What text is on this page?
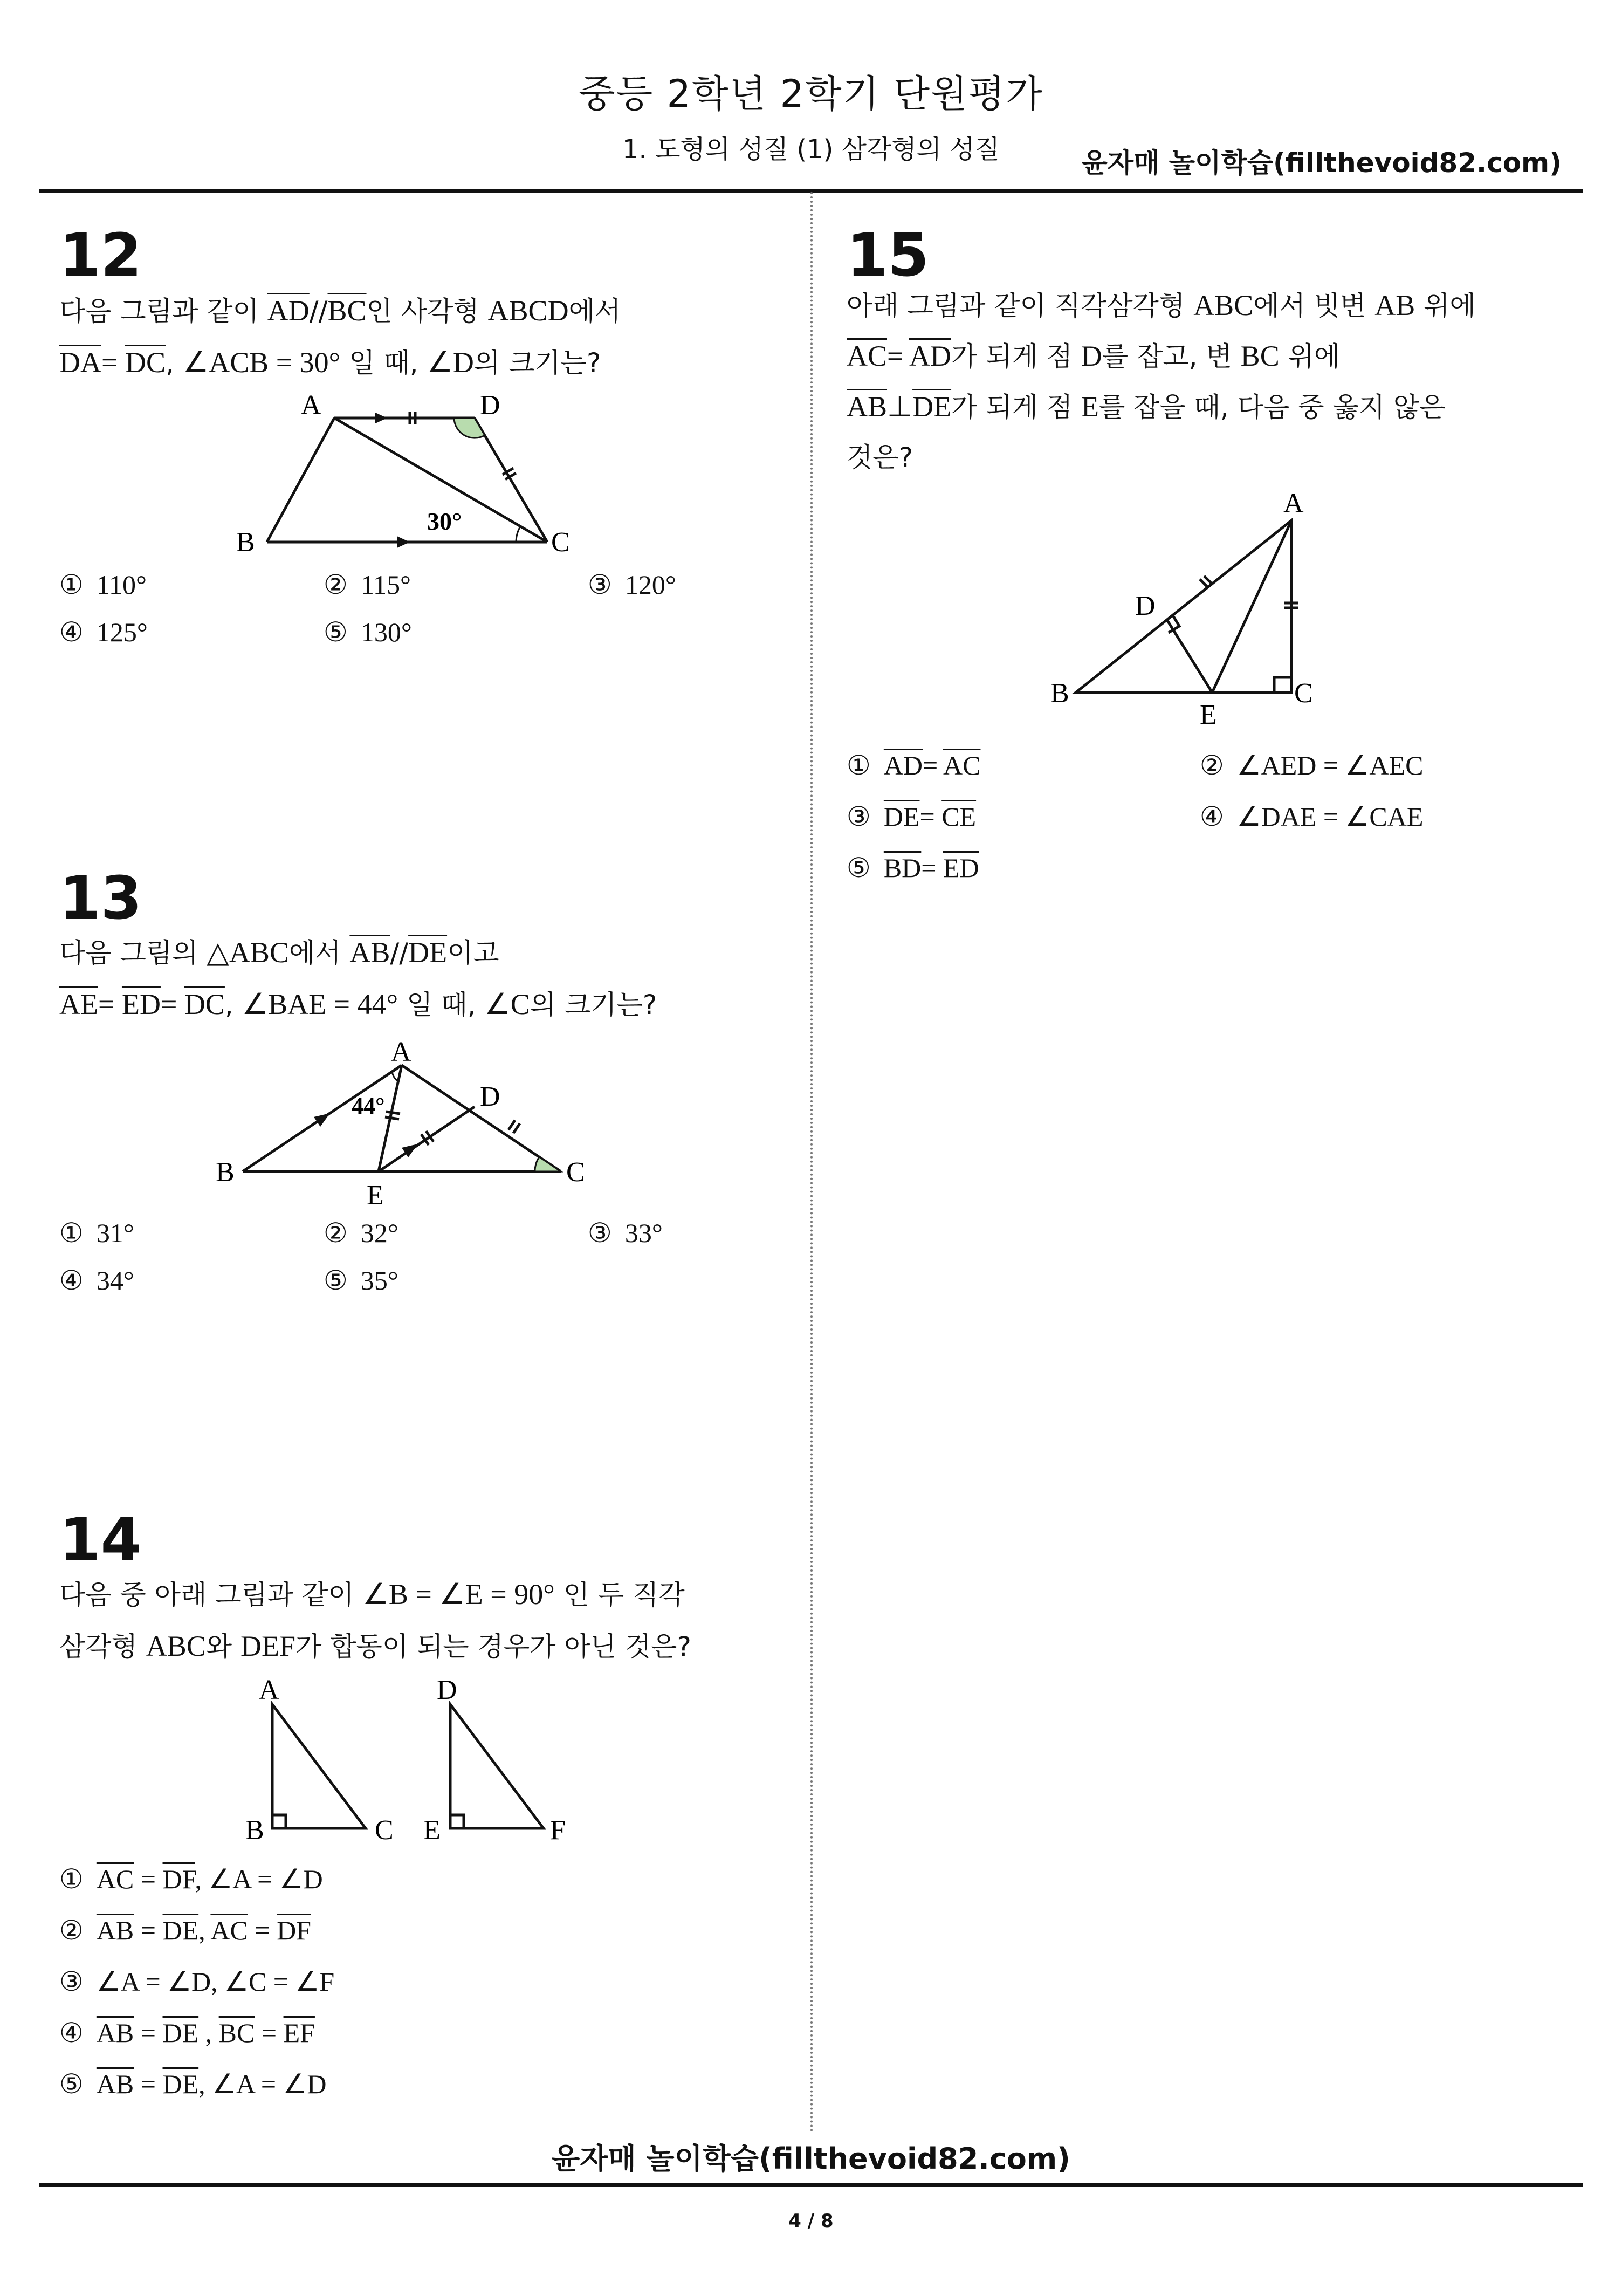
중등 2학년 2학기 단원평가
1. 도형의 성질 (1) 삼각형의 성질	윤자매 놀이학습(fillthevoid82.com)
12
다음 그림과 같이 $\overline{AD}//\overline{BC}$인 사각형 ABCD에서
$\overline{DA}= \overline{DC}$, ∠ACB = 30° 일 때, ∠D의 크기는?
A	D
B	C
30°
① 110°	② 115°	③ 120°
④ 125°	⑤ 130°
13
다음 그림의 △ABC에서 $\overline{AB}//\overline{DE}$이고
$\overline{AE}= \overline{ED}= \overline{DC}$, ∠BAE = 44° 일 때, ∠C의 크기는?
A
D
B	C
E
44°
① 31°	② 32°	③ 33°
④ 34°	⑤ 35°
14
다음 중 아래 그림과 같이 ∠B = ∠E = 90° 인 두 직각
삼각형 ABC와 DEF가 합동이 되는 경우가 아닌 것은?
A
B	C
D
E	F
① $\overline{AC} = \overline{DF}$, ∠A = ∠D
② $\overline{AB} = \overline{DE}$, $\overline{AC} = \overline{DF}$
③ ∠A = ∠D, ∠C = ∠F
④ $\overline{AB} = \overline{DE}$ , $\overline{BC} = \overline{EF}$
⑤ $\overline{AB} = \overline{DE}$, ∠A = ∠D
15
아래 그림과 같이 직각삼각형 ABC에서 빗변 AB 위에
$\overline{AC}= \overline{AD}$가 되게 점 D를 잡고, 변 BC 위에
$\overline{AB}\perp\overline{DE}$가 되게 점 E를 잡을 때, 다음 중 옳지 않은
것은?
A
D
B
E
C
① $\overline{AD}= \overline{AC}$	② ∠AED = ∠AEC
③ $\overline{DE}= \overline{CE}$	④ ∠DAE = ∠CAE
⑤ $\overline{BD}= \overline{ED}$
윤자매 놀이학습(fillthevoid82.com)
4 / 8
